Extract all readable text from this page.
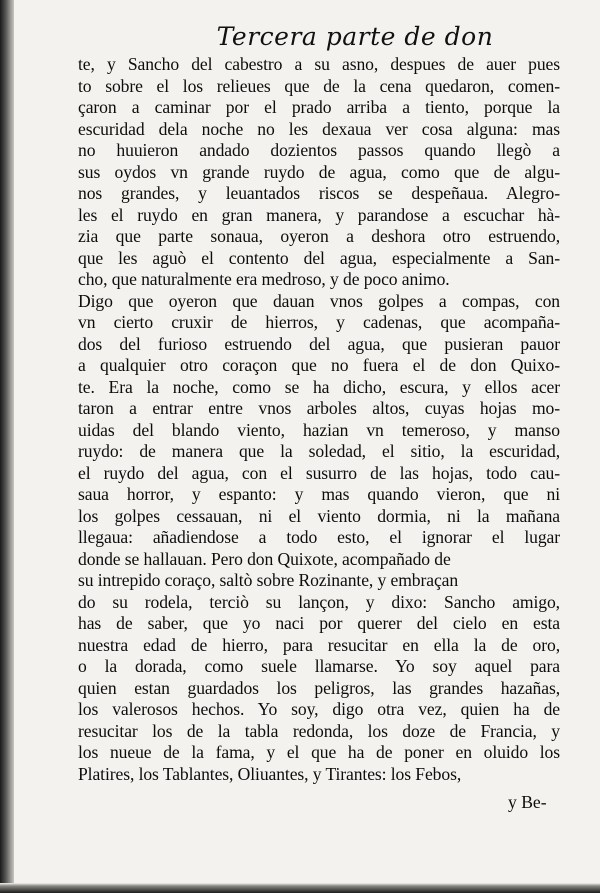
Tercera parte de don
te, y Sancho del cabestro a su asno, despues de auer pues
to sobre el los relieues que de la cena quedaron, comen-
çaron a caminar por el prado arriba a tiento, porque la
escuridad dela noche no les dexaua ver cosa alguna: mas
no huuieron andado dozientos passos quando llegò a
sus oydos vn grande ruydo de agua, como que de algu-
nos grandes, y leuantados riscos se despeñaua. Alegro-
les el ruydo en gran manera, y parandose a escuchar hà-
zia que parte sonaua, oyeron a deshora otro estruendo,
que les aguò el contento del agua, especialmente a San-
cho, que naturalmente era medroso, y de poco animo.
Digo que oyeron que dauan vnos golpes a compas, con
vn cierto cruxir de hierros, y cadenas, que acompaña-
dos del furioso estruendo del agua, que pusieran pauor
a qualquier otro coraçon que no fuera el de don Quixo-
te. Era la noche, como se ha dicho, escura, y ellos acer
taron a entrar entre vnos arboles altos, cuyas hojas mo-
uidas del blando viento, hazian vn temeroso, y manso
ruydo: de manera que la soledad, el sitio, la escuridad,
el ruydo del agua, con el susurro de las hojas, todo cau-
saua horror, y espanto: y mas quando vieron, que ni
los golpes cessauan, ni el viento dormia, ni la mañana
llegaua: añadiendose a todo esto, el ignorar el lugar
donde se hallauan. Pero don Quixote, acompañado de
su intrepido coraço, saltò sobre Rozinante, y embraçan
do su rodela, terciò su lançon, y dixo: Sancho amigo,
has de saber, que yo naci por querer del cielo en esta
nuestra edad de hierro, para resucitar en ella la de oro,
o la dorada, como suele llamarse. Yo soy aquel para
quien estan guardados los peligros, las grandes hazañas,
los valerosos hechos. Yo soy, digo otra vez, quien ha de
resucitar los de la tabla redonda, los doze de Francia, y
los nueue de la fama, y el que ha de poner en oluido los
Platires, los Tablantes, Oliuantes, y Tirantes: los Febos,
y Be-
